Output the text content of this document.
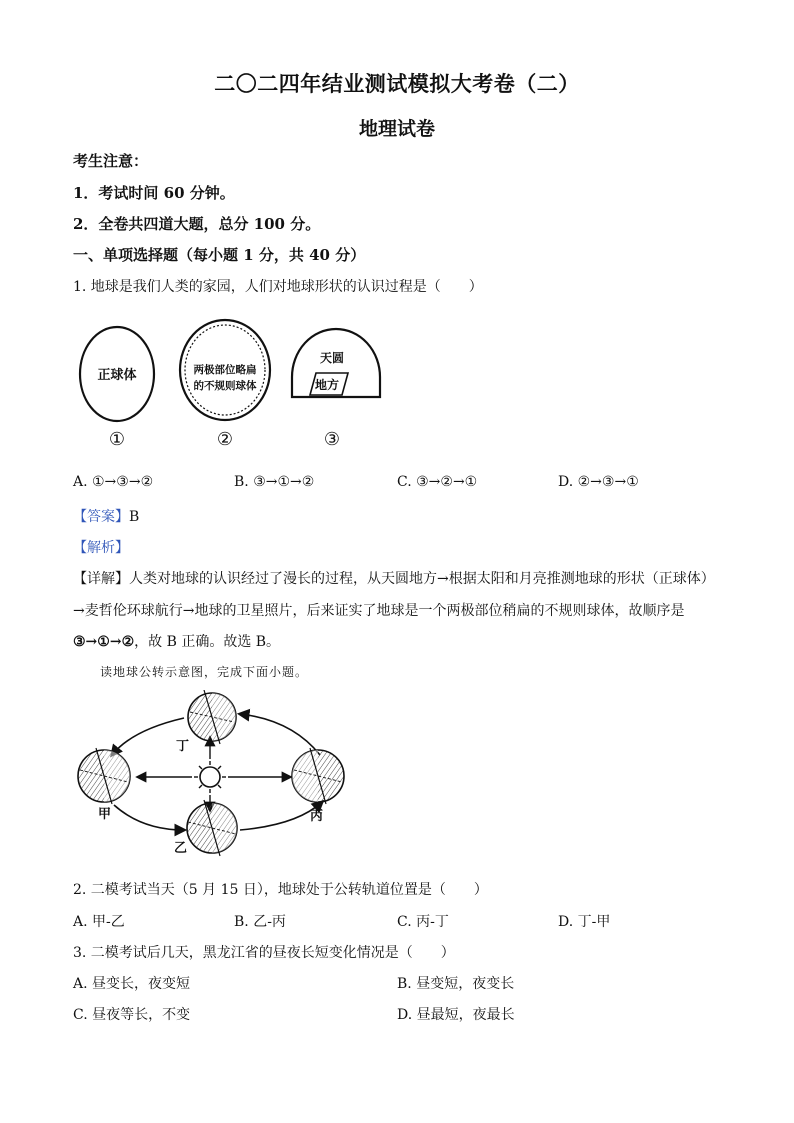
二〇二四年结业测试模拟大考卷（二）
地理试卷
考生注意：
1．考试时间 60 分钟。
2．全卷共四道大题，总分 100 分。
一、单项选择题（每小题 1 分，共 40 分）
1. 地球是我们人类的家园，人们对地球形状的认识过程是（　　）
正球体	两极部位略扁
的不规则球体
天圆
地方
①	②	③
A. ①→③→②	B. ③→①→②	C. ③→②→①	D. ②→③→①
【答案】B
【解析】
【详解】人类对地球的认识经过了漫长的过程，从天圆地方→根据太阳和月亮推测地球的形状（正球体）
→麦哲伦环球航行→地球的卫星照片，后来证实了地球是一个两极部位稍扁的不规则球体，故顺序是
③→①→②，故 B 正确。故选 B。
读地球公转示意图，完成下面小题。
甲
乙
丙
丁
2. 二模考试当天（5 月 15 日），地球处于公转轨道位置是（　　）
A. 甲-乙	B. 乙-丙	C. 丙-丁	D. 丁-甲
3. 二模考试后几天，黑龙江省的昼夜长短变化情况是（　　）
A. 昼变长，夜变短	B. 昼变短，夜变长
C. 昼夜等长，不变	D. 昼最短，夜最长
